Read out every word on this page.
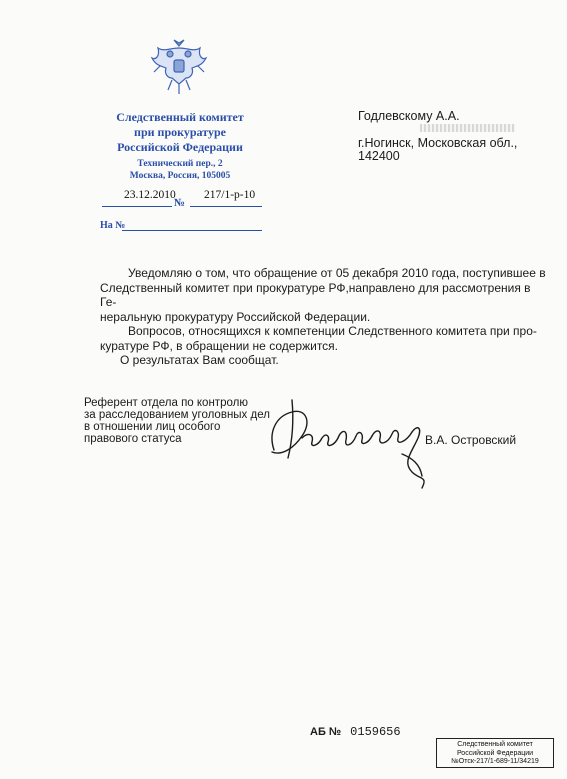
Следственный комитет
при прокуратуре
Российской Федерации
Технический пер., 2
Москва, Россия, 105005
23.12.2010
№
217/1-р-10
На №
Годлевскому А.А.
г.Ногинск, Московская обл.,
142400

Уведомляю о том, что обращение от 05 декабря 2010 года, поступившее в

Следственный комитет при прокуратуре РФ,направлено для рассмотрения в Ге-

неральную прокуратуру Российской Федерации.

Вопросов, относящихся к компетенции Следственного комитета при про-

куратуре РФ, в обращении не содержится.

О результатах Вам сообщат.

Референт отдела по контролю
за расследованием уголовных дел
в отношении лиц особого
правового статуса	В.А. Островский
АБ № 0159656
Следственный комитет
Российской Федерации
№Отск-217/1-689-11/34219
